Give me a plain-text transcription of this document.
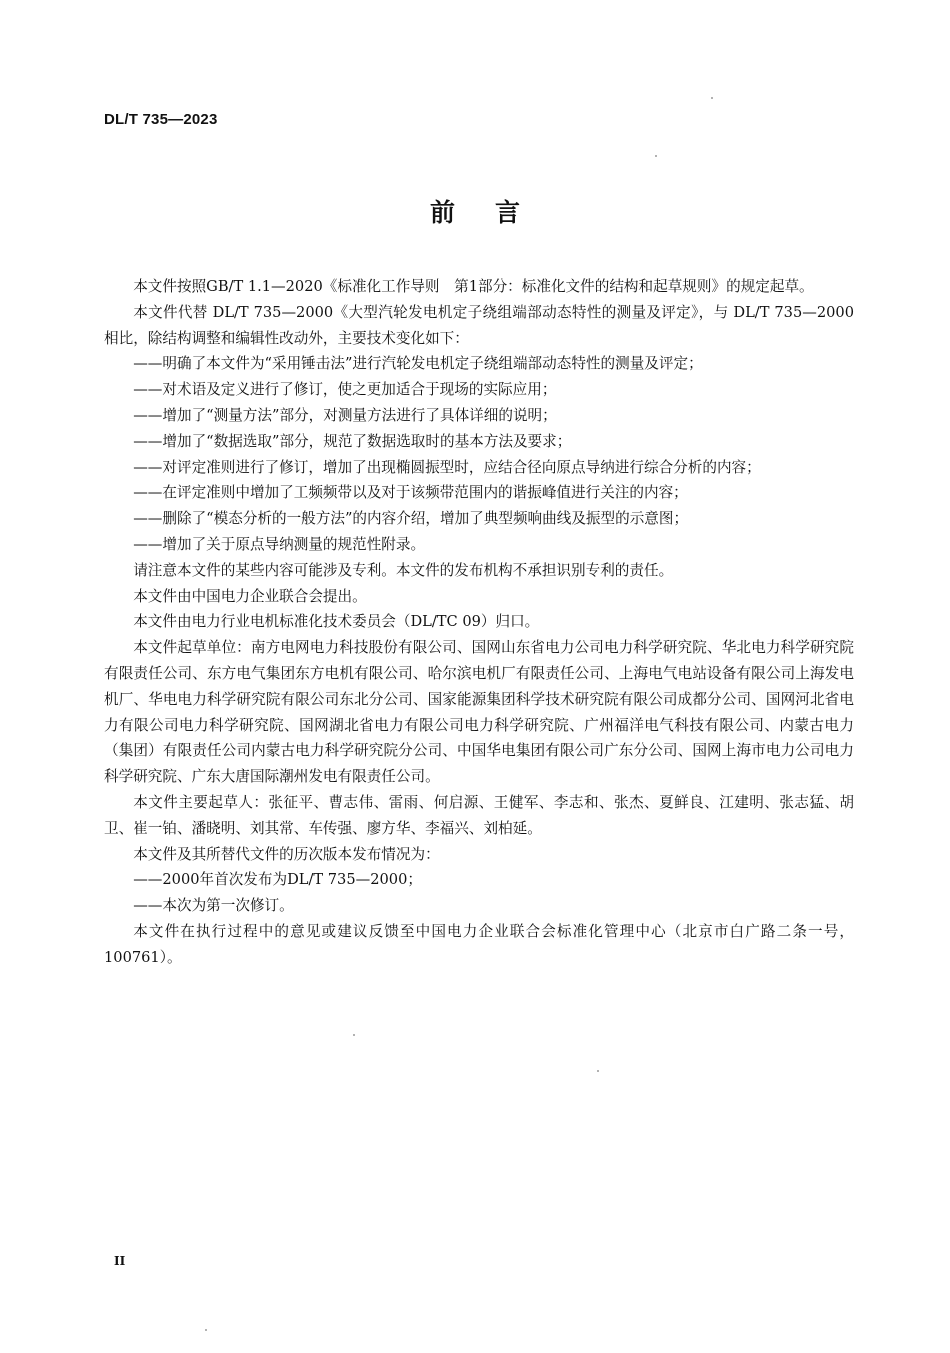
DL/T 735—2023
前言

本文件按照GB/T 1.1—2020《标准化工作导则　第1部分：标准化文件的结构和起草规则》的规定起草。

本文件代替 DL/T 735—2000《大型汽轮发电机定子绕组端部动态特性的测量及评定》，与 DL/T 735—2000相比，除结构调整和编辑性改动外，主要技术变化如下：

——明确了本文件为“采用锤击法”进行汽轮发电机定子绕组端部动态特性的测量及评定；

——对术语及定义进行了修订，使之更加适合于现场的实际应用；

——增加了“测量方法”部分，对测量方法进行了具体详细的说明；

——增加了“数据选取”部分，规范了数据选取时的基本方法及要求；

——对评定准则进行了修订，增加了出现椭圆振型时，应结合径向原点导纳进行综合分析的内容；

——在评定准则中增加了工频频带以及对于该频带范围内的谐振峰值进行关注的内容；

——删除了“模态分析的一般方法”的内容介绍，增加了典型频响曲线及振型的示意图；

——增加了关于原点导纳测量的规范性附录。

请注意本文件的某些内容可能涉及专利。本文件的发布机构不承担识别专利的责任。

本文件由中国电力企业联合会提出。

本文件由电力行业电机标准化技术委员会（DL/TC 09）归口。

本文件起草单位：南方电网电力科技股份有限公司、国网山东省电力公司电力科学研究院、华北电力科学研究院有限责任公司、东方电气集团东方电机有限公司、哈尔滨电机厂有限责任公司、上海电气电站设备有限公司上海发电机厂、华电电力科学研究院有限公司东北分公司、国家能源集团科学技术研究院有限公司成都分公司、国网河北省电力有限公司电力科学研究院、国网湖北省电力有限公司电力科学研究院、广州福洋电气科技有限公司、内蒙古电力（集团）有限责任公司内蒙古电力科学研究院分公司、中国华电集团有限公司广东分公司、国网上海市电力公司电力科学研究院、广东大唐国际潮州发电有限责任公司。

本文件主要起草人：张征平、曹志伟、雷雨、何启源、王健军、李志和、张杰、夏鲜良、江建明、张志猛、胡卫、崔一铂、潘晓明、刘其常、车传强、廖方华、李福兴、刘柏延。

本文件及其所替代文件的历次版本发布情况为：

——2000年首次发布为DL/T 735—2000；

——本次为第一次修订。

本文件在执行过程中的意见或建议反馈至中国电力企业联合会标准化管理中心（北京市白广路二条一号，100761）。

II
